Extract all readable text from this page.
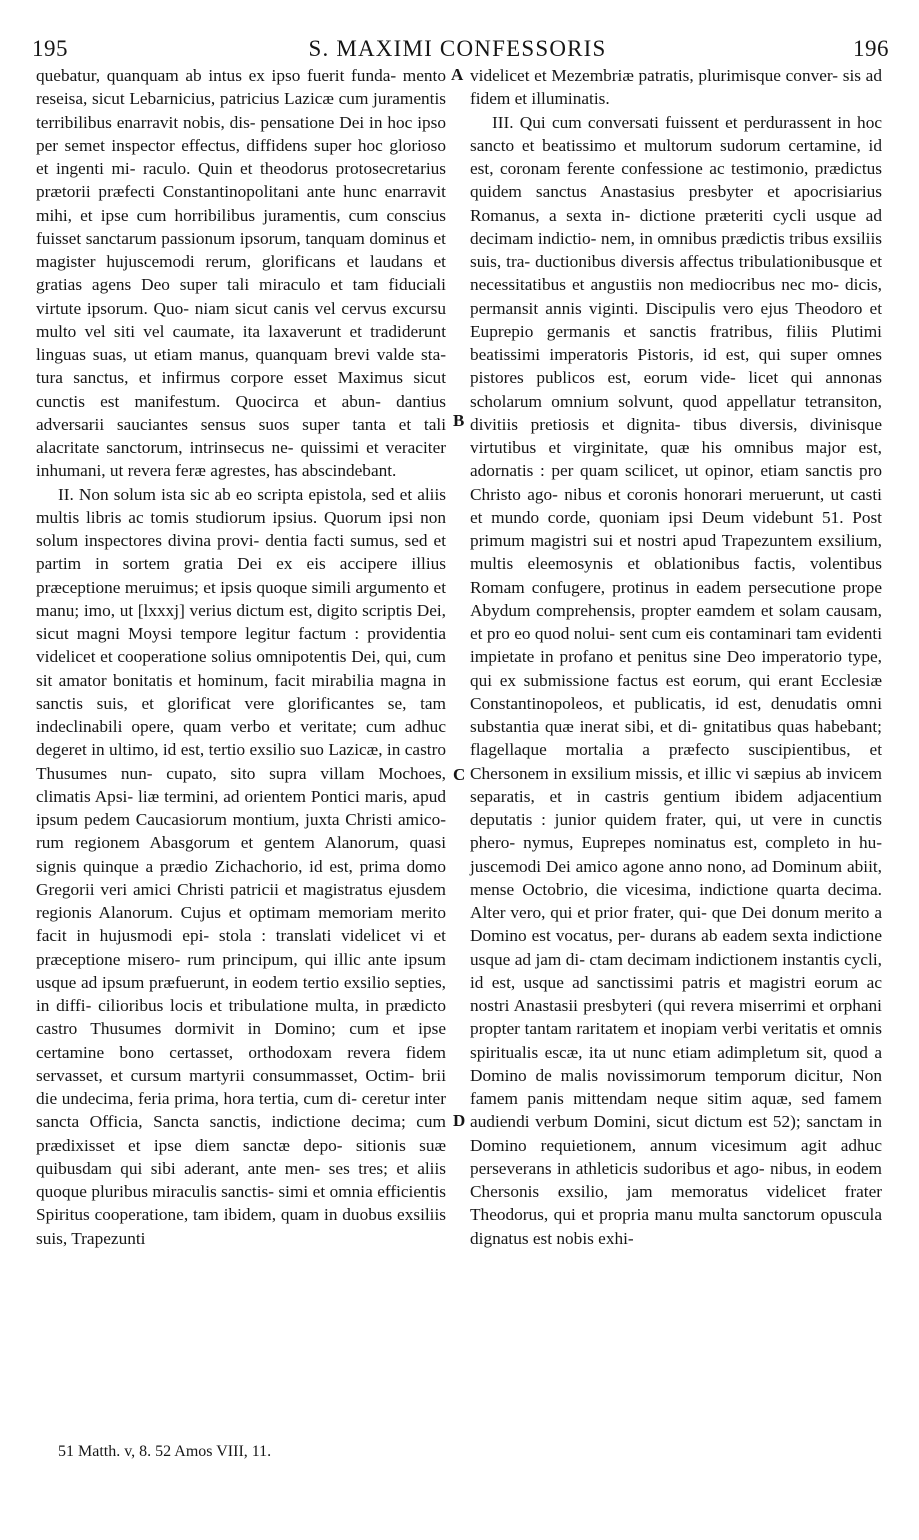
195	S. MAXIMI CONFESSORIS	196

quebatur, quanquam ab intus ex ipso fuerit funda- mento reseisa, sicut Lebarnicius, patricius Lazicæ cum juramentis terribilibus enarravit nobis, dis- pensatione Dei in hoc ipso per semet inspector effectus, diffidens super hoc glorioso et ingenti mi- raculo. Quin et theodorus protosecretarius prætorii præfecti Constantinopolitani ante hunc enarravit mihi, et ipse cum horribilibus juramentis, cum conscius fuisset sanctarum passionum ipsorum, tanquam dominus et magister hujuscemodi rerum, glorificans et laudans et gratias agens Deo super tali miraculo et tam fiduciali virtute ipsorum. Quo- niam sicut canis vel cervus excursu multo vel siti vel caumate, ita laxaverunt et tradiderunt linguas suas, ut etiam manus, quanquam brevi valde sta- tura sanctus, et infirmus corpore esset Maximus sicut cunctis est manifestum. Quocirca et abun- dantius adversarii sauciantes sensus suos super tanta et tali alacritate sanctorum, intrinsecus ne- quissimi et veraciter inhumani, ut revera feræ agrestes, has abscindebant.

II. Non solum ista sic ab eo scripta epistola, sed et aliis multis libris ac tomis studiorum ipsius. Quorum ipsi non solum inspectores divina provi- dentia facti sumus, sed et partim in sortem gratia Dei ex eis accipere illius præceptione meruimus; et ipsis quoque simili argumento et manu; imo, ut [lxxxj] verius dictum est, digito scriptis Dei, sicut magni Moysi tempore legitur factum : providentia videlicet et cooperatione solius omnipotentis Dei, qui, cum sit amator bonitatis et hominum, facit mirabilia magna in sanctis suis, et glorificat vere glorificantes se, tam indeclinabili opere, quam verbo et veritate; cum adhuc degeret in ultimo, id est, tertio exsilio suo Lazicæ, in castro Thusumes nun- cupato, sito supra villam Mochoes, climatis Apsi- liæ termini, ad orientem Pontici maris, apud ipsum pedem Caucasiorum montium, juxta Christi amico- rum regionem Abasgorum et gentem Alanorum, quasi signis quinque a prædio Zichachorio, id est, prima domo Gregorii veri amici Christi patricii et magistratus ejusdem regionis Alanorum. Cujus et optimam memoriam merito facit in hujusmodi epi- stola : translati videlicet vi et præceptione misero- rum principum, qui illic ante ipsum usque ad ipsum præfuerunt, in eodem tertio exsilio septies, in diffi- cilioribus locis et tribulatione multa, in prædicto castro Thusumes dormivit in Domino; cum et ipse certamine bono certasset, orthodoxam revera fidem servasset, et cursum martyrii consummasset, Octim- brii die undecima, feria prima, hora tertia, cum di- ceretur inter sancta Officia, Sancta sanctis, indictione decima; cum prædixisset et ipse diem sanctæ depo- sitionis suæ quibusdam qui sibi aderant, ante men- ses tres; et aliis quoque pluribus miraculis sanctis- simi et omnia efficientis Spiritus cooperatione, tam ibidem, quam in duobus exsiliis suis, Trapezunti

A
B
C
D

videlicet et Mezembriæ patratis, plurimisque conver- sis ad fidem et illuminatis.

III. Qui cum conversati fuissent et perdurassent in hoc sancto et beatissimo et multorum sudorum certamine, id est, coronam ferente confessione ac testimonio, prædictus quidem sanctus Anastasius presbyter et apocrisiarius Romanus, a sexta in- dictione præteriti cycli usque ad decimam indictio- nem, in omnibus prædictis tribus exsiliis suis, tra- ductionibus diversis affectus tribulationibusque et necessitatibus et angustiis non mediocribus nec mo- dicis, permansit annis viginti. Discipulis vero ejus Theodoro et Euprepio germanis et sanctis fratribus, filiis Plutimi beatissimi imperatoris Pistoris, id est, qui super omnes pistores publicos est, eorum vide- licet qui annonas scholarum omnium solvunt, quod appellatur tetransiton, divitiis pretiosis et dignita- tibus diversis, divinisque virtutibus et virginitate, quæ his omnibus major est, adornatis : per quam scilicet, ut opinor, etiam sanctis pro Christo ago- nibus et coronis honorari meruerunt, ut casti et mundo corde, quoniam ipsi Deum videbunt 51. Post primum magistri sui et nostri apud Trapezuntem exsilium, multis eleemosynis et oblationibus factis, volentibus Romam confugere, protinus in eadem persecutione prope Abydum comprehensis, propter eamdem et solam causam, et pro eo quod nolui- sent cum eis contaminari tam evidenti impietate in profano et penitus sine Deo imperatorio type, qui ex submissione factus est eorum, qui erant Ecclesiæ Constantinopoleos, et publicatis, id est, denudatis omni substantia quæ inerat sibi, et di- gnitatibus quas habebant; flagellaque mortalia a præfecto suscipientibus, et Chersonem in exsilium missis, et illic vi sæpius ab invicem separatis, et in castris gentium ibidem adjacentium deputatis : junior quidem frater, qui, ut vere in cunctis phero- nymus, Euprepes nominatus est, completo in hu- juscemodi Dei amico agone anno nono, ad Dominum abiit, mense Octobrio, die vicesima, indictione quarta decima. Alter vero, qui et prior frater, qui- que Dei donum merito a Domino est vocatus, per- durans ab eadem sexta indictione usque ad jam di- ctam decimam indictionem instantis cycli, id est, usque ad sanctissimi patris et magistri eorum ac nostri Anastasii presbyteri (qui revera miserrimi et orphani propter tantam raritatem et inopiam verbi veritatis et omnis spiritualis escæ, ita ut nunc etiam adimpletum sit, quod a Domino de malis novissimorum temporum dicitur, Non famem panis mittendam neque sitim aquæ, sed famem audiendi verbum Domini, sicut dictum est 52); sanctam in Domino requietionem, annum vicesimum agit adhuc perseverans in athleticis sudoribus et ago- nibus, in eodem Chersonis exsilio, jam memoratus videlicet frater Theodorus, qui et propria manu multa sanctorum opuscula dignatus est nobis exhi-

51 Matth. v, 8. 52 Amos VIII, 11.
